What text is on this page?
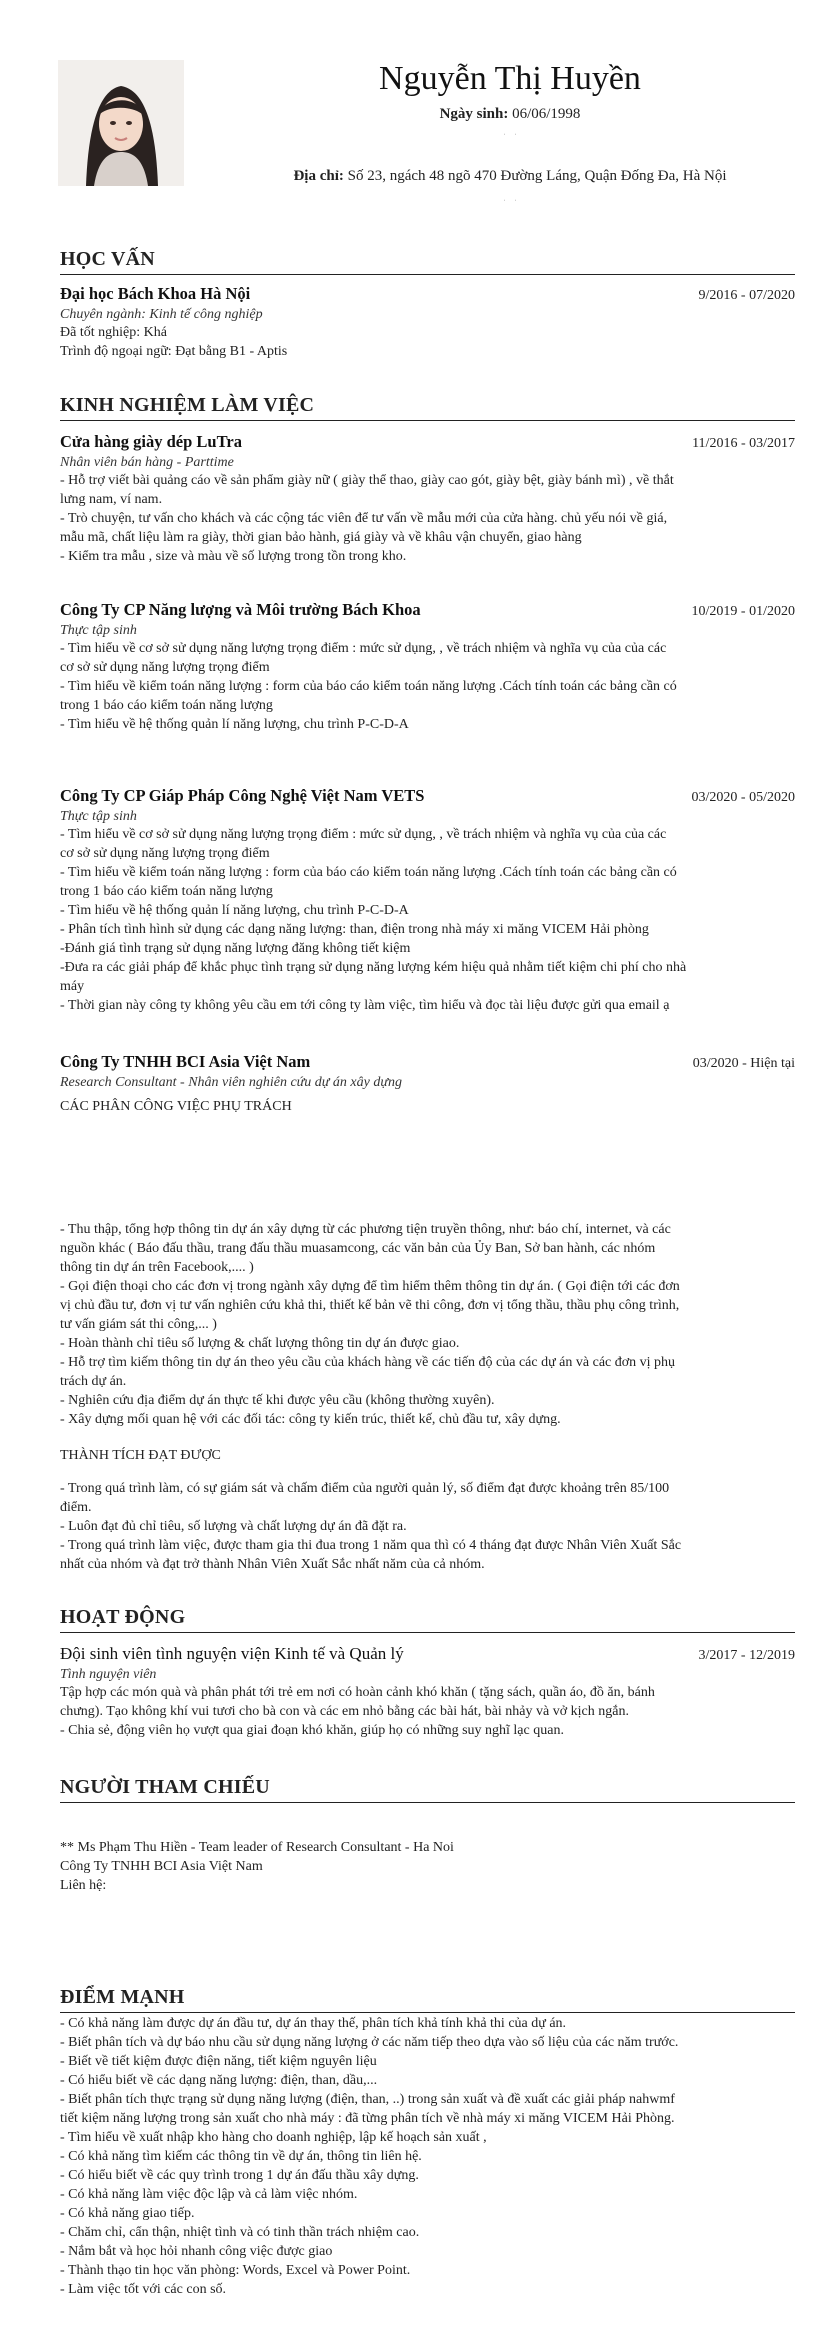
Nguyễn Thị Huyền
Ngày sinh: 06/06/1998
·      ·
Địa chỉ: Số 23, ngách 48 ngõ 470 Đường Láng, Quận Đống Đa, Hà Nội
·      ·
HỌC VẤN
Đại học Bách Khoa Hà Nội	9/2016 - 07/2020
Chuyên ngành: Kinh tế công nghiệp
Đã tốt nghiệp: Khá
Trình độ ngoại ngữ: Đạt bằng B1 - Aptis
KINH NGHIỆM LÀM VIỆC
Cửa hàng giày dép LuTra	11/2016 - 03/2017
Nhân viên bán hàng - Parttime
- Hỗ trợ viết bài quảng cáo về sản phẩm giày nữ ( giày thể thao, giày cao gót, giày bệt, giày bánh mì) , về thắt
lưng nam, ví nam.
- Trò chuyện, tư vấn cho khách và các cộng tác viên để tư vấn về mẫu mới của cửa hàng. chủ yếu nói về giá,
mẫu mã, chất liệu làm ra giày, thời gian bảo hành, giá giày và về khâu vận chuyển, giao hàng
- Kiểm tra mẫu , size và màu về số lượng trong tồn trong kho.
Công Ty CP Năng lượng và Môi trường Bách Khoa	10/2019 - 01/2020
Thực tập sinh
- Tìm hiểu về cơ sở sử dụng năng lượng trọng điểm : mức sử dụng, , về trách nhiệm và nghĩa vụ của của các
cơ sở sử dụng năng lượng trọng điểm
- Tìm hiểu về kiểm toán năng lượng : form của báo cáo kiểm toán năng lượng .Cách tính toán các bảng cần có
trong 1 báo cáo kiểm toán năng lượng
- Tìm hiểu về hệ thống quản lí năng lượng, chu trình P-C-D-A
Công Ty CP Giáp Pháp Công Nghệ Việt Nam VETS	03/2020 - 05/2020
Thực tập sinh
- Tìm hiểu về cơ sở sử dụng năng lượng trọng điểm : mức sử dụng, , về trách nhiệm và nghĩa vụ của của các
cơ sở sử dụng năng lượng trọng điểm
- Tìm hiểu về kiểm toán năng lượng : form của báo cáo kiểm toán năng lượng .Cách tính toán các bảng cần có
trong 1 báo cáo kiểm toán năng lượng
- Tìm hiểu về hệ thống quản lí năng lượng, chu trình P-C-D-A
- Phân tích tình hình sử dụng các dạng năng lượng: than, điện trong nhà máy xi măng VICEM Hải phòng
-Đánh giá tình trạng sử dụng năng lượng đăng không tiết kiệm
-Đưa ra các giải pháp để khắc phục tình trạng sử dụng năng lượng kém hiệu quả nhằm tiết kiệm chi phí cho nhà
máy
- Thời gian này công ty không yêu cầu em tới công ty làm việc, tìm hiểu và đọc tài liệu được gửi qua email ạ
Công Ty TNHH BCI Asia Việt Nam	03/2020 - Hiện tại
Research Consultant - Nhân viên nghiên cứu dự án xây dựng
CÁC PHÂN CÔNG VIỆC PHỤ TRÁCH
- Thu thập, tổng hợp thông tin dự án xây dựng từ các phương tiện truyền thông, như: báo chí, internet, và các
nguồn khác ( Báo đấu thầu, trang đấu thầu muasamcong, các văn bản của Ủy Ban, Sở ban hành, các nhóm
thông tin dự án trên Facebook,.... )
- Gọi điện thoại cho các đơn vị trong ngành xây dựng để tìm hiểm thêm thông tin dự án. ( Gọi điện tới các đơn
vị chủ đầu tư, đơn vị tư vấn nghiên cứu khả thi, thiết kế bản vẽ thi công, đơn vị tổng thầu, thầu phụ công trình,
tư vấn giám sát thi công,... )
- Hoàn thành chỉ tiêu số lượng & chất lượng thông tin dự án được giao.
- Hỗ trợ tìm kiếm thông tin dự án theo yêu cầu của khách hàng về các tiến độ của các dự án và các đơn vị phụ
trách dự án.
- Nghiên cứu địa điểm dự án thực tế khi được yêu cầu (không thường xuyên).
- Xây dựng mối quan hệ với các đối tác: công ty kiến trúc, thiết kế, chủ đầu tư, xây dựng.
THÀNH TÍCH ĐẠT ĐƯỢC
- Trong quá trình làm, có sự giám sát và chấm điểm của người quản lý, số điểm đạt được khoảng trên 85/100
điểm.
- Luôn đạt đủ chỉ tiêu, số lượng và chất lượng dự án đã đặt ra.
- Trong quá trình làm việc, được tham gia thi đua trong 1 năm qua thì có 4 tháng đạt được Nhân Viên Xuất Sắc
nhất của nhóm và đạt trở thành Nhân Viên Xuất Sắc nhất năm của cả nhóm.
HOẠT ĐỘNG
Đội sinh viên tình nguyện viện Kinh tế và Quản lý	3/2017 - 12/2019
Tình nguyện viên
Tập hợp các món quà và phân phát tới trẻ em nơi có hoàn cảnh khó khăn ( tặng sách, quần áo, đồ ăn, bánh
chưng). Tạo không khí vui tươi cho bà con và các em nhỏ bằng các bài hát, bài nhảy và vở kịch ngắn.
- Chia sẻ, động viên họ vượt qua giai đoạn khó khăn, giúp họ có những suy nghĩ lạc quan.
NGƯỜI THAM CHIẾU
** Ms Phạm Thu Hiền - Team leader of Research Consultant - Ha Noi
Công Ty TNHH BCI Asia Việt Nam
Liên hệ:
ĐIỂM MẠNH
- Có khả năng làm được dự án đầu tư, dự án thay thế, phân tích khả tính khả thi của dự án.
- Biết phân tích và dự báo nhu cầu sử dụng năng lượng ở các năm tiếp theo dựa vào số liệu của các năm trước.
- Biết về tiết kiệm được điện năng, tiết kiệm nguyên liệu
- Có hiểu biết về các dạng năng lượng: điện, than, dầu,...
- Biết phân tích thực trạng sử dụng năng lượng (điện, than, ..) trong sản xuất và đề xuất các giải pháp nahwmf
tiết kiệm năng lượng trong sản xuất cho nhà máy : đã từng phân tích về nhà máy xi măng VICEM Hải Phòng.
- Tìm hiểu về xuất nhập kho hàng cho doanh nghiệp, lập kế hoạch sản xuất ,
- Có khả năng tìm kiếm các thông tin về dự án, thông tin liên hệ.
- Có hiểu biết về các quy trình trong 1 dự án đấu thầu xây dựng.
- Có khả năng làm việc độc lập và cả làm việc nhóm.
- Có khả năng giao tiếp.
- Chăm chỉ, cẩn thận, nhiệt tình và có tinh thần trách nhiệm cao.
- Nắm bắt và học hỏi nhanh công việc được giao
- Thành thạo tin học văn phòng: Words, Excel và Power Point.
- Làm việc tốt với các con số.
